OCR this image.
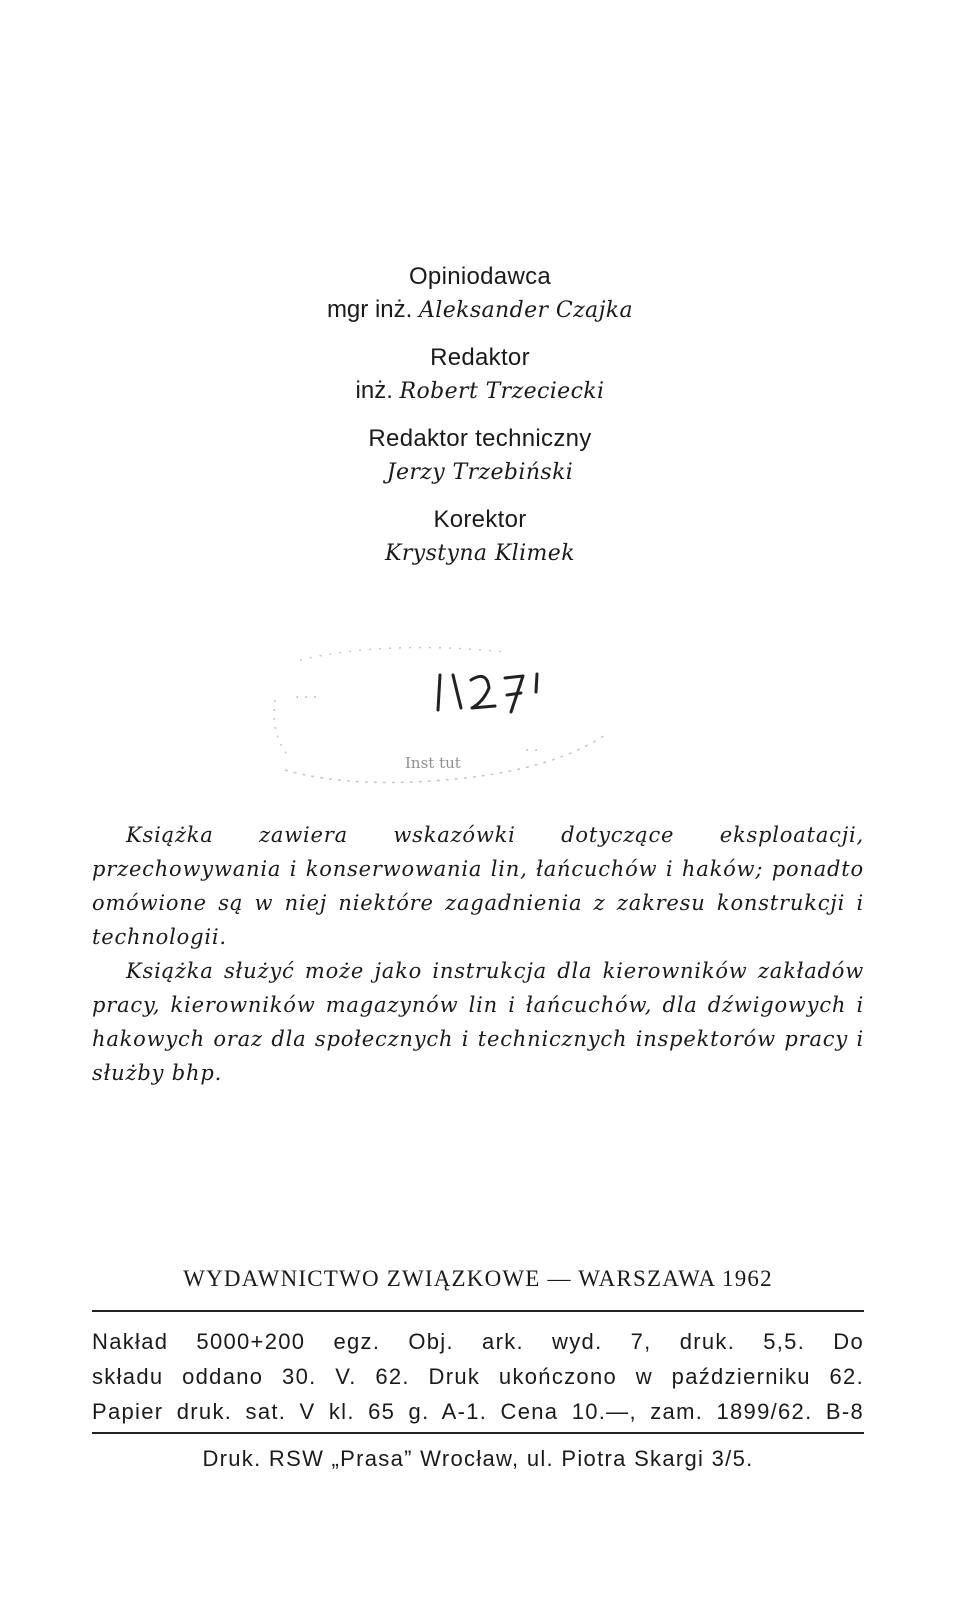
Opiniodawca
mgr inż. Aleksander Czajka
Redaktor
inż. Robert Trzeciecki
Redaktor techniczny
Jerzy Trzebiński
Korektor
Krystyna Klimek
· · ·
· ·
Inst tut

Książka zawiera wskazówki dotyczące eksploatacji, przechowywania i konserwowania lin, łańcuchów i haków; ponadto omówione są w niej niektóre zagadnienia z zakresu konstrukcji i technologii.

Książka służyć może jako instrukcja dla kierowników zakładów pracy, kierowników magazynów lin i łańcuchów, dla dźwigowych i hakowych oraz dla społecznych i technicznych inspektorów pracy i służby bhp.

WYDAWNICTWO ZWIĄZKOWE — WARSZAWA 1962
Nakład 5000+200 egz. Obj. ark. wyd. 7, druk. 5,5. Do
składu oddano 30. V. 62. Druk ukończono w październiku 62.
Papier druk. sat. V kl. 65 g. A-1. Cena 10.—, zam. 1899/62. B-8
Druk. RSW „Prasa” Wrocław, ul. Piotra Skargi 3/5.
